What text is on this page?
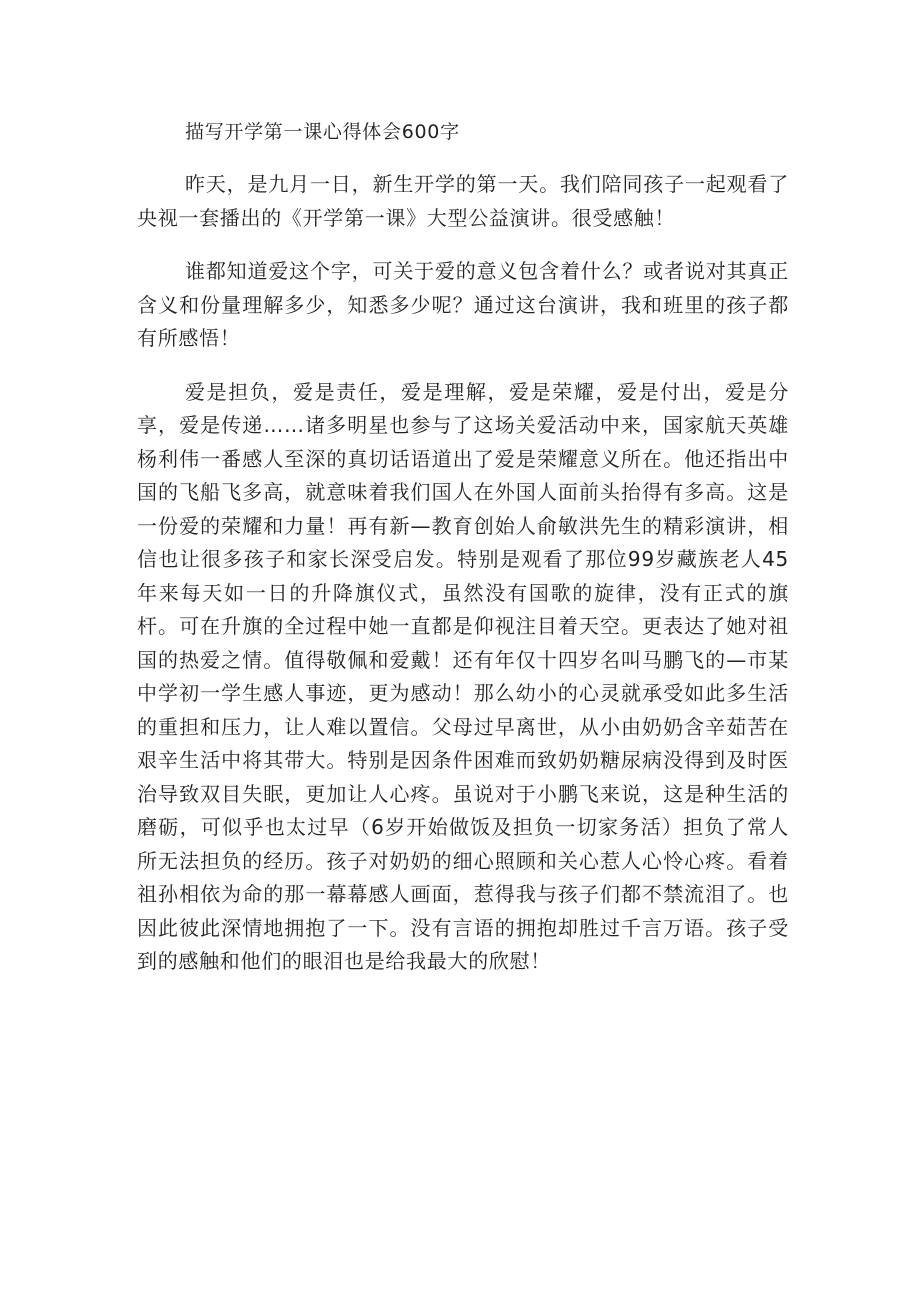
描写开学第一课心得体会600字

昨天，是九月一日，新生开学的第一天。我们陪同孩子一起观看了央视一套播出的《开学第一课》大型公益演讲。很受感触！

谁都知道爱这个字，可关于爱的意义包含着什么？或者说对其真正含义和份量理解多少，知悉多少呢？通过这台演讲，我和班里的孩子都有所感悟！

爱是担负，爱是责任，爱是理解，爱是荣耀，爱是付出，爱是分享，爱是传递……诸多明星也参与了这场关爱活动中来，国家航天英雄杨利伟一番感人至深的真切话语道出了爱是荣耀意义所在。他还指出中国的飞船飞多高，就意味着我们国人在外国人面前头抬得有多高。这是一份爱的荣耀和力量！再有新—教育创始人俞敏洪先生的精彩演讲，相信也让很多孩子和家长深受启发。特别是观看了那位99岁藏族老人45年来每天如一日的升降旗仪式，虽然没有国歌的旋律，没有正式的旗杆。可在升旗的全过程中她一直都是仰视注目着天空。更表达了她对祖国的热爱之情。值得敬佩和爱戴！还有年仅十四岁名叫马鹏飞的—市某中学初一学生感人事迹，更为感动！那么幼小的心灵就承受如此多生活的重担和压力，让人难以置信。父母过早离世，从小由奶奶含辛茹苦在艰辛生活中将其带大。特别是因条件困难而致奶奶糖尿病没得到及时医治导致双目失眠，更加让人心疼。虽说对于小鹏飞来说，这是种生活的磨砺，可似乎也太过早（6岁开始做饭及担负一切家务活）担负了常人所无法担负的经历。孩子对奶奶的细心照顾和关心惹人心怜心疼。看着祖孙相依为命的那一幕幕感人画面，惹得我与孩子们都不禁流泪了。也因此彼此深情地拥抱了一下。没有言语的拥抱却胜过千言万语。孩子受到的感触和他们的眼泪也是给我最大的欣慰！
